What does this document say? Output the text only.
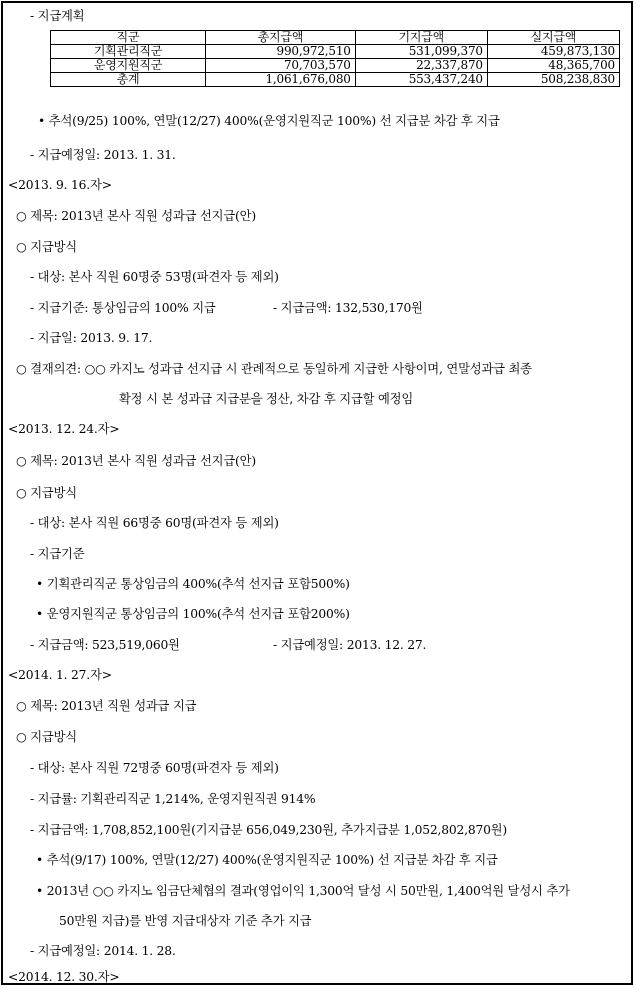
- 지급계획
직군	총지급액	기지급액	실지급액
기획관리직군	990,972,510	531,099,370	459,873,130
운영지원직군	70,703,570	22,337,870	48,365,700
총계	1,061,676,080	553,437,240	508,238,830
• 추석(9/25) 100%, 연말(12/27) 400%(운영지원직군 100%) 선 지급분 차감 후 지급
- 지급예정일: 2013. 1. 31.
<2013. 9. 16.자>
○ 제목: 2013년 본사 직원 성과급 선지급(안)
○ 지급방식
- 대상: 본사 직원 60명중 53명(파견자 등 제외)
- 지급기준: 통상임금의 100% 지급	- 지급금액: 132,530,170원
- 지급일: 2013. 9. 17.
○ 결재의견: ○○ 카지노 성과급 선지급 시 관례적으로 동일하게 지급한 사항이며, 연말성과급 최종
확정 시 본 성과급 지급분을 정산, 차감 후 지급할 예정임
<2013. 12. 24.자>
○ 제목: 2013년 본사 직원 성과급 선지급(안)
○ 지급방식
- 대상: 본사 직원 66명중 60명(파견자 등 제외)
- 지급기준
• 기획관리직군 통상임금의 400%(추석 선지급 포함500%)
• 운영지원직군 통상임금의 100%(추석 선지급 포함200%)
- 지급금액: 523,519,060원	- 지급예정일: 2013. 12. 27.
<2014. 1. 27.자>
○ 제목: 2013년 직원 성과급 지급
○ 지급방식
- 대상: 본사 직원 72명중 60명(파견자 등 제외)
- 지급률: 기획관리직군 1,214%, 운영지원직권 914%
- 지급금액: 1,708,852,100원(기지급분 656,049,230원, 추가지급분 1,052,802,870원)
• 추석(9/17) 100%, 연말(12/27) 400%(운영지원직군 100%) 선 지급분 차감 후 지급
• 2013년 ○○ 카지노 임금단체협의 결과(영업이익 1,300억 달성 시 50만원, 1,400억원 달성시 추가
50만원 지급)를 반영 지급대상자 기준 추가 지급
- 지급예정일: 2014. 1. 28.
<2014. 12. 30.자>
